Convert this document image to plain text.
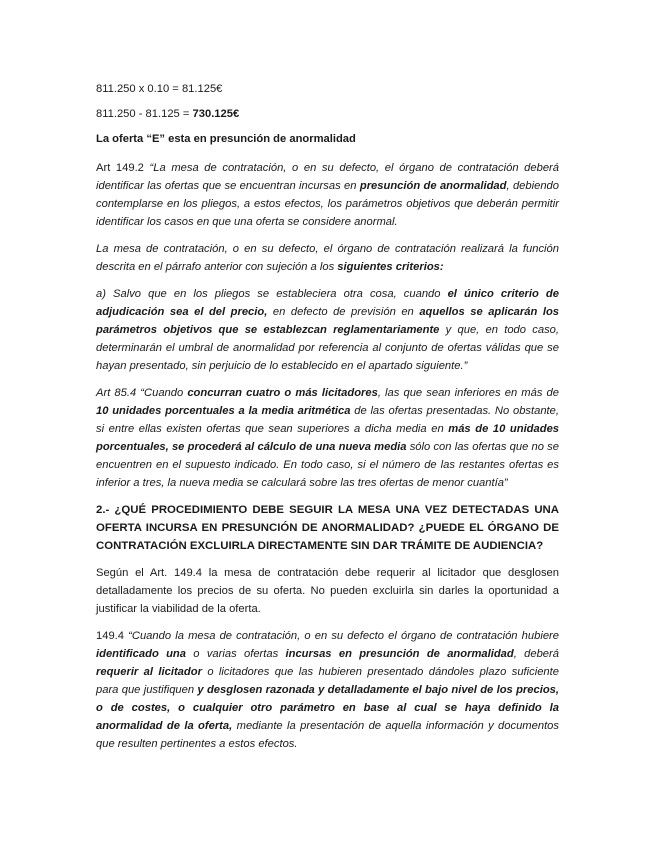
811.250 x 0.10 = 81.125€

811.250 - 81.125 = 730.125€

La oferta “E” esta en presunción de anormalidad

Art 149.2 “La mesa de contratación, o en su defecto, el órgano de contratación deberá identificar las ofertas que se encuentran incursas en presunción de anormalidad, debiendo contemplarse en los pliegos, a estos efectos, los parámetros objetivos que deberán permitir identificar los casos en que una oferta se considere anormal.

La mesa de contratación, o en su defecto, el órgano de contratación realizará la función descrita en el párrafo anterior con sujeción a los siguientes criterios:

a) Salvo que en los pliegos se estableciera otra cosa, cuando el único criterio de adjudicación sea el del precio, en defecto de previsión en aquellos se aplicarán los parámetros objetivos que se establezcan reglamentariamente y que, en todo caso, determinarán el umbral de anormalidad por referencia al conjunto de ofertas válidas que se hayan presentado, sin perjuicio de lo establecido en el apartado siguiente.”

Art 85.4 “Cuando concurran cuatro o más licitadores, las que sean inferiores en más de 10 unidades porcentuales a la media aritmética de las ofertas presentadas. No obstante, si entre ellas existen ofertas que sean superiores a dicha media en más de 10 unidades porcentuales, se procederá al cálculo de una nueva media sólo con las ofertas que no se encuentren en el supuesto indicado. En todo caso, si el número de las restantes ofertas es inferior a tres, la nueva media se calculará sobre las tres ofertas de menor cuantía”

2.- ¿QUÉ PROCEDIMIENTO DEBE SEGUIR LA MESA UNA VEZ DETECTADAS UNA OFERTA INCURSA EN PRESUNCIÓN DE ANORMALIDAD? ¿PUEDE EL ÓRGANO DE CONTRATACIÓN EXCLUIRLA DIRECTAMENTE SIN DAR TRÁMITE DE AUDIENCIA?

Según el Art. 149.4 la mesa de contratación debe requerir al licitador que desglosen detalladamente los precios de su oferta. No pueden excluirla sin darles la oportunidad a justificar la viabilidad de la oferta.

149.4 “Cuando la mesa de contratación, o en su defecto el órgano de contratación hubiere identificado una o varias ofertas incursas en presunción de anormalidad, deberá requerir al licitador o licitadores que las hubieren presentado dándoles plazo suficiente para que justifiquen y desglosen razonada y detalladamente el bajo nivel de los precios, o de costes, o cualquier otro parámetro en base al cual se haya definido la anormalidad de la oferta, mediante la presentación de aquella información y documentos que resulten pertinentes a estos efectos.
